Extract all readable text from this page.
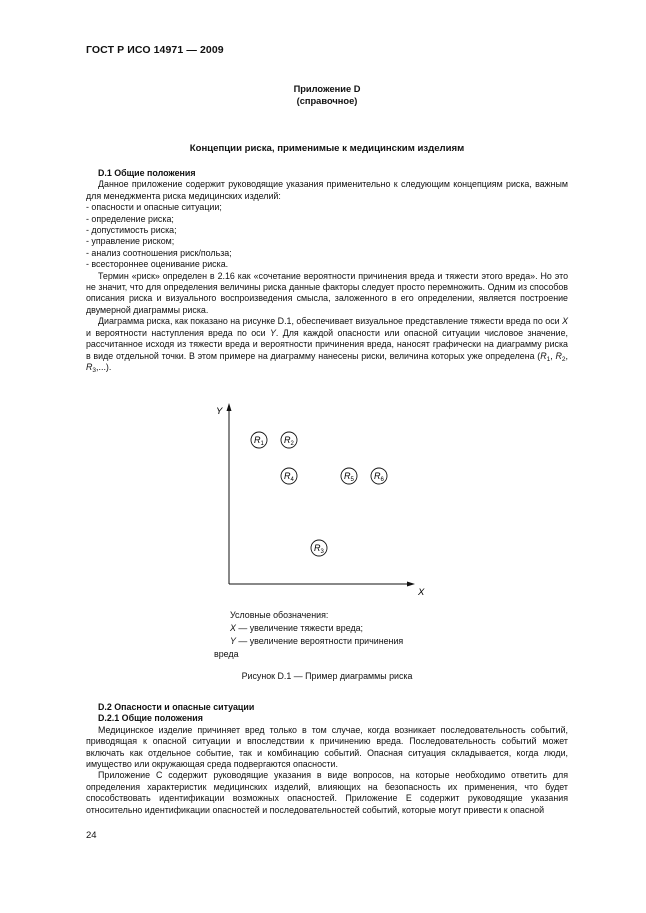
ГОСТ Р ИСО 14971 — 2009
Приложение D
(справочное)
Концепции риска, применимые к медицинским изделиям

D.1 Общие положения

Данное приложение содержит руководящие указания применительно к следующим концепциям риска, важным для менеджмента риска медицинских изделий:

- опасности и опасные ситуации;
- определение риска;
- допустимость риска;
- управление риском;
- анализ соотношения риск/польза;
- всестороннее оценивание риска.

Термин «риск» определен в 2.16 как «сочетание вероятности причинения вреда и тяжести этого вреда». Но это не значит, что для определения величины риска данные факторы следует просто перемножить. Одним из способов описания риска и визуального воспроизведения смысла, заложенного в его определении, является построение двумерной диаграммы риска.

Диаграмма риска, как показано на рисунке D.1, обеспечивает визуальное представление тяжести вреда по оси X и вероятности наступления вреда по оси Y. Для каждой опасности или опасной ситуации числовое значение, рассчитанное исходя из тяжести вреда и вероятности причинения вреда, наносят графически на диаграмму риска в виде отдельной точки. В этом примере на диаграмму нанесены риски, величина которых уже определена ($R_1$, $R_2$, $R_3$,...).

Y
X
$R_1$ $R_2$
$R_4$	$R_5$ $R_6$
$R_3$
Условные обозначения:
X — увеличение тяжести вреда;
Y — увеличение вероятности причинения
вреда
Рисунок D.1 — Пример диаграммы риска

D.2 Опасности и опасные ситуации

D.2.1 Общие положения

Медицинское изделие причиняет вред только в том случае, когда возникает последовательность событий, приводящая к опасной ситуации и впоследствии к причинению вреда. Последовательность событий может включать как отдельное событие, так и комбинацию событий. Опасная ситуация складывается, когда люди, имущество или окружающая среда подвергаются опасности.

Приложение С содержит руководящие указания в виде вопросов, на которые необходимо ответить для определения характеристик медицинских изделий, влияющих на безопасность их применения, что будет способствовать идентификации возможных опасностей. Приложение Е содержит руководящие указания относительно идентификации опасностей и последовательностей событий, которые могут привести к опасной

24
